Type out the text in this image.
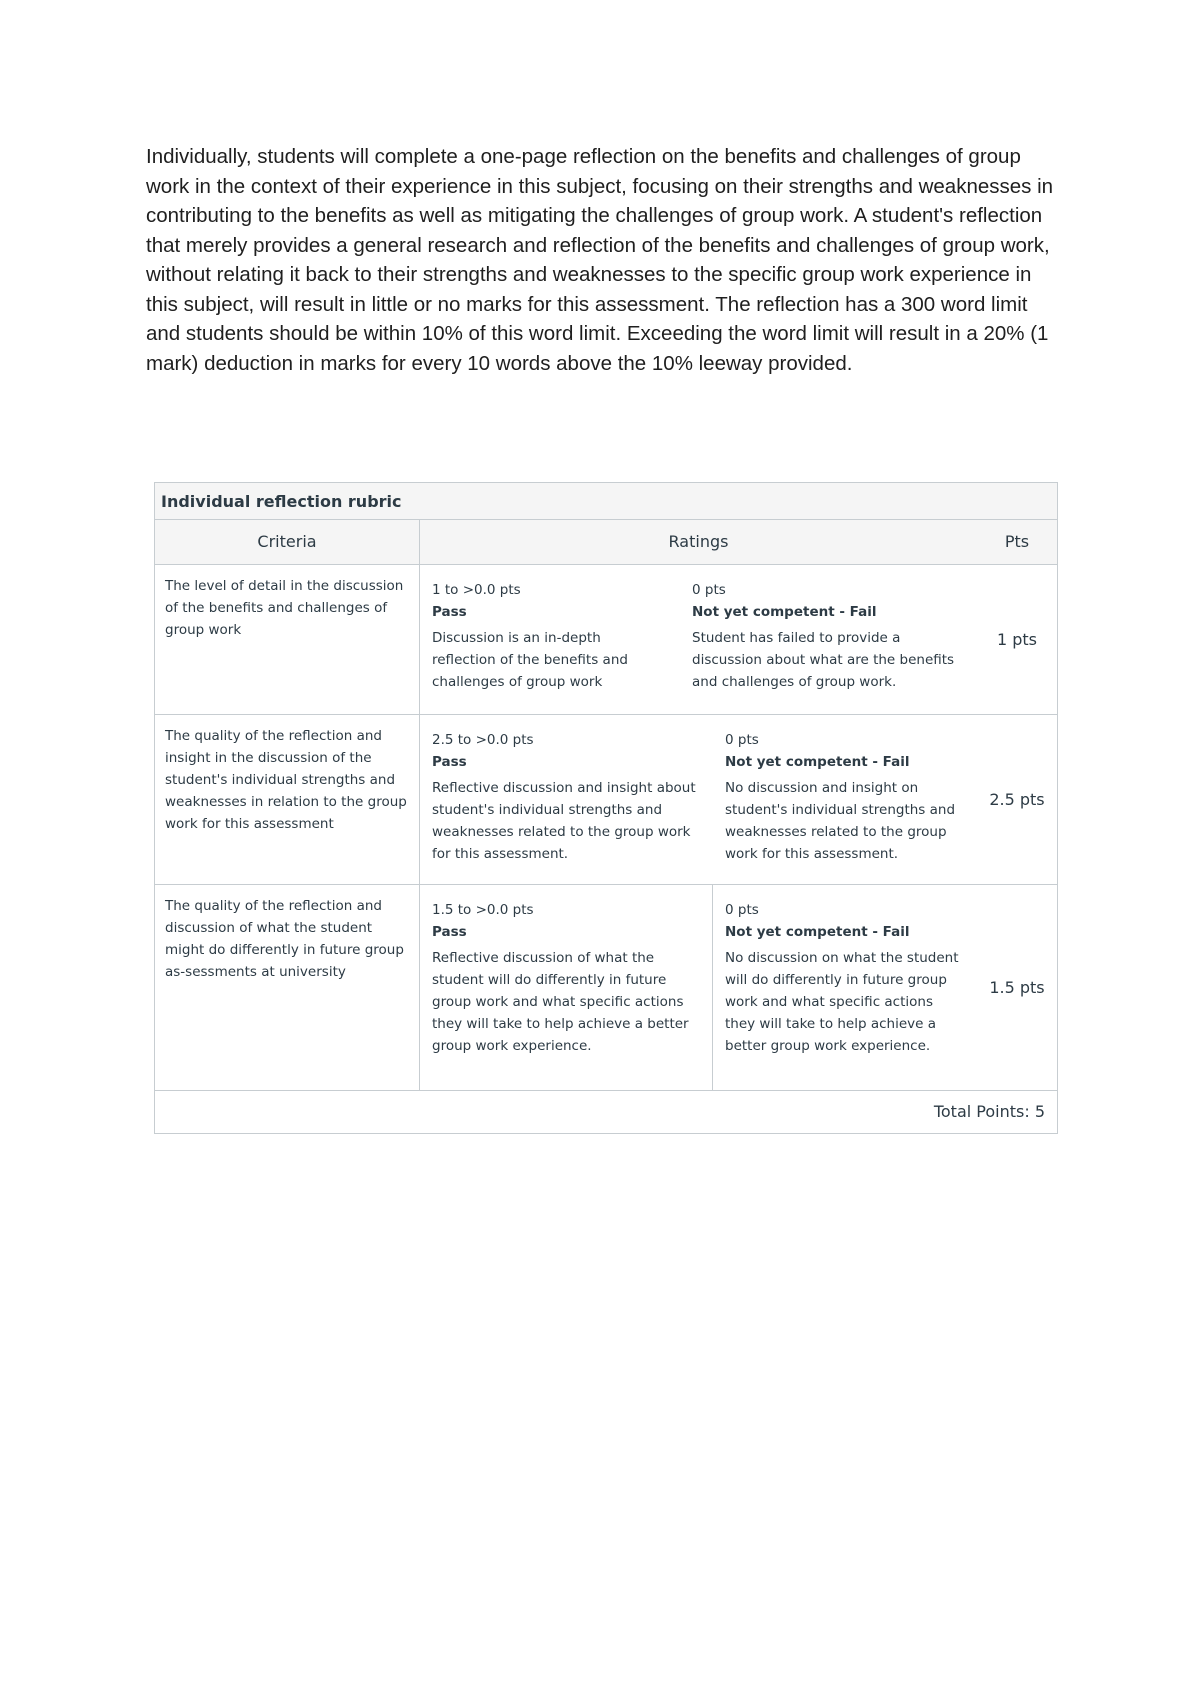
Individually, students will complete a one-page reflection on the benefits and challenges of group work in the context of their experience in this subject, focusing on their strengths and weaknesses in contributing to the benefits as well as mitigating the challenges of group work. A student's reflection that merely provides a general research and reflection of the benefits and challenges of group work, without relating it back to their strengths and weaknesses to the specific group work experience in this subject, will result in little or no marks for this assessment. The reflection has a 300 word limit and students should be within 10% of this word limit. Exceeding the word limit will result in a 20% (1 mark) deduction in marks for every 10 words above the 10% leeway provided.

Individual reflection rubric
Criteria	Ratings	Pts
The level of detail in the discussion of the benefits and challenges of group work
1 to >0.0 pts
Pass
Discussion is an in-depth reflection of the benefits and challenges of group work
0 pts
Not yet competent - Fail
Student has failed to provide a discussion about what are the benefits and challenges of group work.
1 pts
The quality of the reflection and insight in the discussion of the student's individual strengths and weaknesses in relation to the group work for this assessment
2.5 to >0.0 pts
Pass
Reflective discussion and insight about student's individual strengths and weaknesses related to the group work for this assessment.
0 pts
Not yet competent - Fail
No discussion and insight on student's individual strengths and weaknesses related to the group work for this assessment.
2.5 pts
The quality of the reflection and discussion of what the student might do differently in future group as-sessments at university
1.5 to >0.0 pts
Pass
Reflective discussion of what the student will do differently in future group work and what specific actions they will take to help achieve a better group work experience.
0 pts
Not yet competent - Fail
No discussion on what the student will do differently in future group work and what specific actions they will take to help achieve a better group work experience.
1.5 pts
Total Points: 5
